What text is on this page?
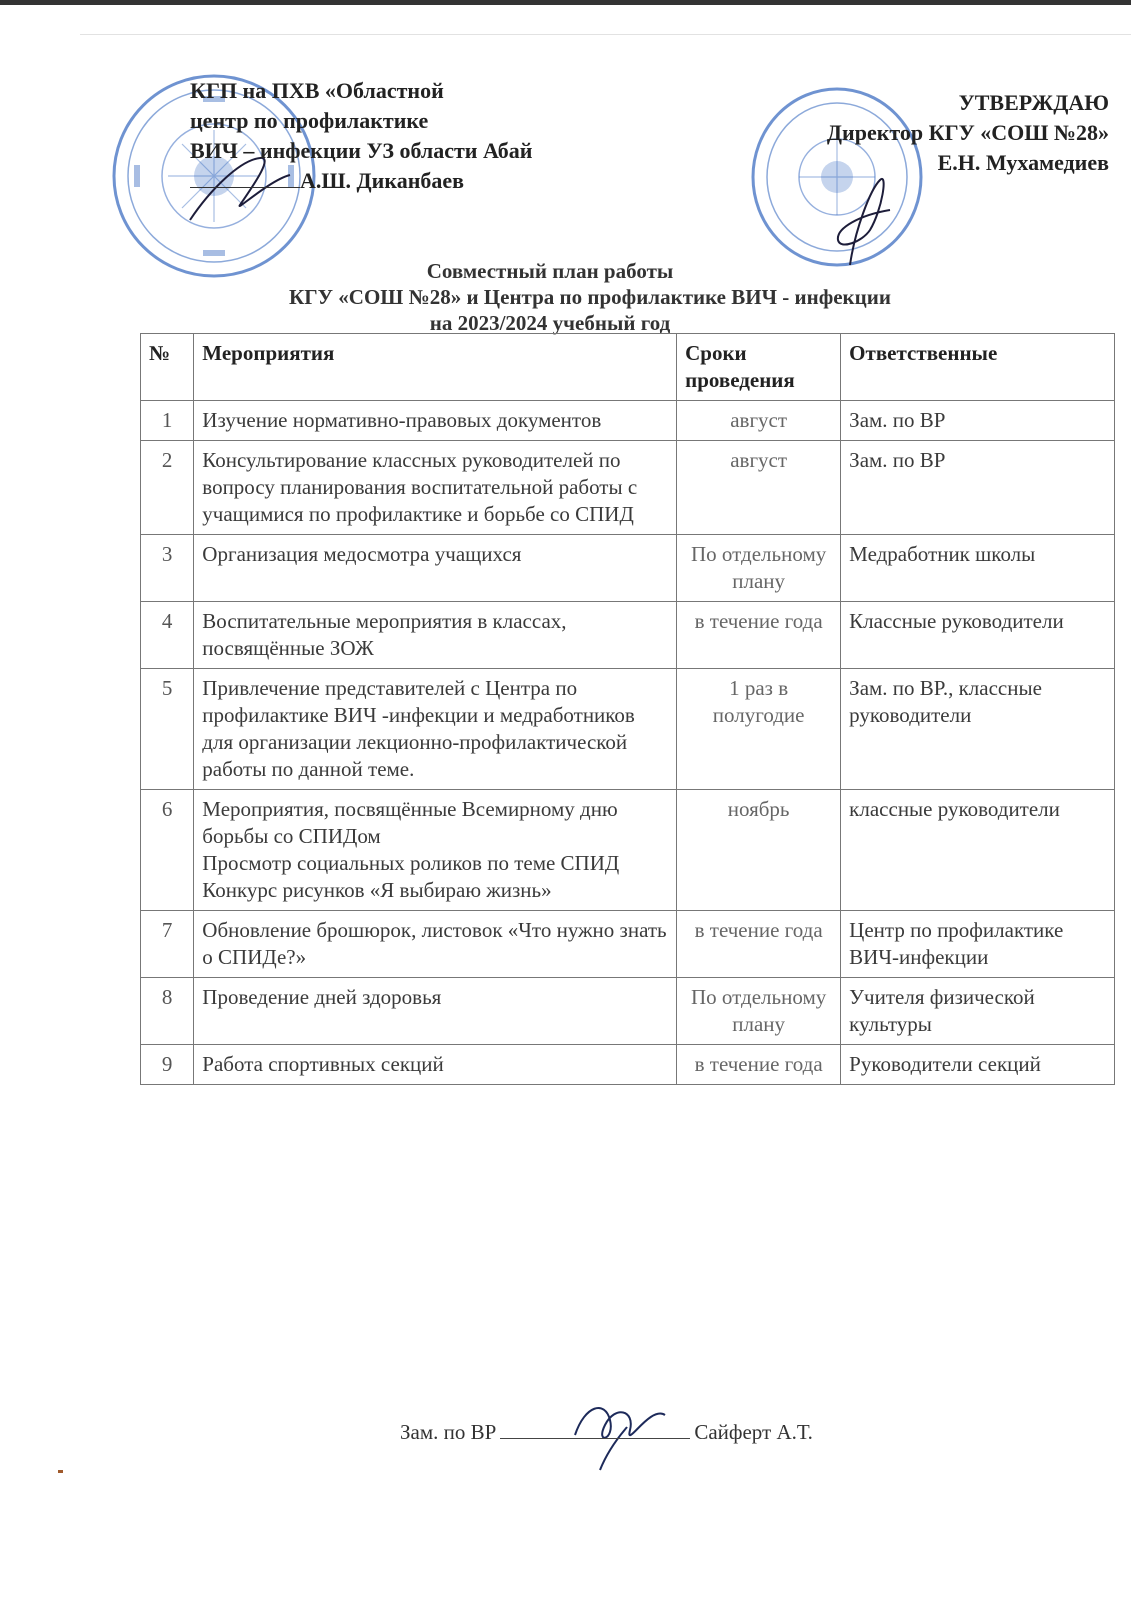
КГП на ПХВ «Областной
центр по профилактике
ВИЧ – инфекции УЗ области Абай
А.Ш. Диканбаев
УТВЕРЖДАЮ
Директор КГУ «СОШ №28»
Е.Н. Мухамедиев
Совместный план работы
КГУ «СОШ №28» и Центра по профилактике ВИЧ - инфекции
на 2023/2024 учебный год
№	Мероприятия	Сроки проведения	Ответственные
1	Изучение нормативно-правовых документов	август	Зам. по ВР
2	Консультирование классных руководителей по вопросу планирования воспитательной работы с учащимися по профилактике и борьбе со СПИД	август	Зам. по ВР
3	Организация медосмотра учащихся	По отдельному плану	Медработник школы
4	Воспитательные мероприятия в классах, посвящённые ЗОЖ	в течение года	Классные руководители
5	Привлечение представителей с Центра по профилактике ВИЧ -инфекции и медработников для организации лекционно-профилактической работы по данной теме.	1 раз в полугодие	Зам. по ВР., классные руководители
6	Мероприятия, посвящённые Всемирному дню борьбы со СПИДом
Просмотр социальных роликов по теме СПИД
Конкурс рисунков «Я выбираю жизнь»	ноябрь	классные руководители
7	Обновление брошюрок, листовок «Что нужно знать о СПИДе?»	в течение года	Центр по профилактике ВИЧ-инфекции
8	Проведение дней здоровья	По отдельному плану	Учителя физической культуры
9	Работа спортивных секций	в течение года	Руководители секций
Зам. по ВР	Сайферт А.Т.
